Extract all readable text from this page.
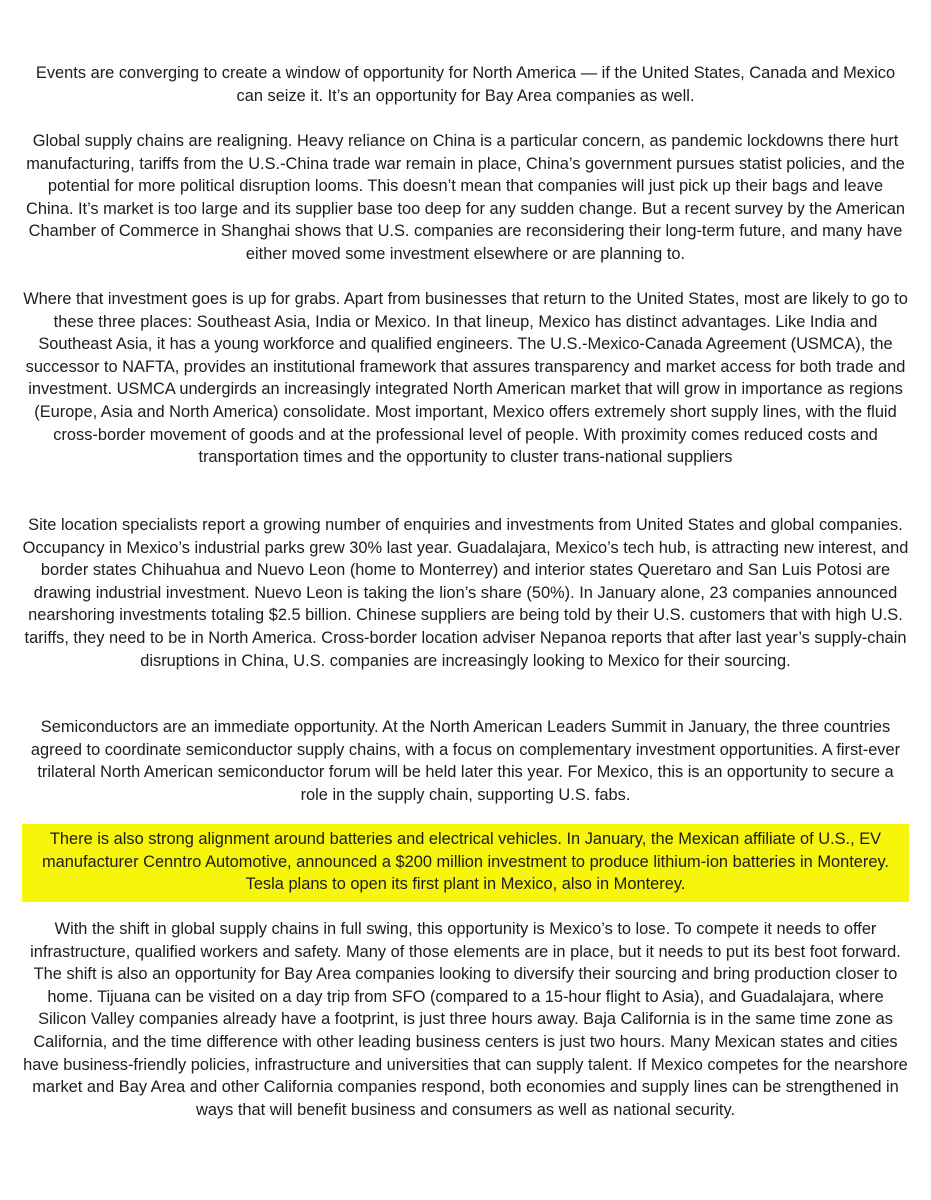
Events are converging to create a window of opportunity for North America — if the United States, Canada and Mexico can seize it. It’s an opportunity for Bay Area companies as well.

Global supply chains are realigning. Heavy reliance on China is a particular concern, as pandemic lockdowns there hurt manufacturing, tariffs from the U.S.-China trade war remain in place, China’s government pursues statist policies, and the potential for more political disruption looms. This doesn’t mean that companies will just pick up their bags and leave China. It’s market is too large and its supplier base too deep for any sudden change. But a recent survey by the American Chamber of Commerce in Shanghai shows that U.S. companies are reconsidering their long-term future, and many have either moved some investment elsewhere or are planning to.

Where that investment goes is up for grabs. Apart from businesses that return to the United States, most are likely to go to these three places: Southeast Asia, India or Mexico. In that lineup, Mexico has distinct advantages. Like India and Southeast Asia, it has a young workforce and qualified engineers. The U.S.-Mexico-Canada Agreement (USMCA), the successor to NAFTA, provides an institutional framework that assures transparency and market access for both trade and investment. USMCA undergirds an increasingly integrated North American market that will grow in importance as regions (Europe, Asia and North America) consolidate. Most important, Mexico offers extremely short supply lines, with the fluid cross-border movement of goods and at the professional level of people. With proximity comes reduced costs and transportation times and the opportunity to cluster trans-national suppliers

Site location specialists report a growing number of enquiries and investments from United States and global companies. Occupancy in Mexico’s industrial parks grew 30% last year. Guadalajara, Mexico’s tech hub, is attracting new interest, and border states Chihuahua and Nuevo Leon (home to Monterrey) and interior states Queretaro and San Luis Potosi are drawing industrial investment. Nuevo Leon is taking the lion’s share (50%). In January alone, 23 companies announced nearshoring investments totaling $2.5 billion. Chinese suppliers are being told by their U.S. customers that with high U.S. tariffs, they need to be in North America. Cross-border location adviser Nepanoa reports that after last year’s supply-chain disruptions in China, U.S. companies are increasingly looking to Mexico for their sourcing.

Semiconductors are an immediate opportunity. At the North American Leaders Summit in January, the three countries agreed to coordinate semiconductor supply chains, with a focus on complementary investment opportunities. A first-ever trilateral North American semiconductor forum will be held later this year. For Mexico, this is an opportunity to secure a role in the supply chain, supporting U.S. fabs.

There is also strong alignment around batteries and electrical vehicles. In January, the Mexican affiliate of U.S., EV manufacturer Cenntro Automotive, announced a $200 million investment to produce lithium-ion batteries in Monterey. Tesla plans to open its first plant in Mexico, also in Monterey.

With the shift in global supply chains in full swing, this opportunity is Mexico’s to lose. To compete it needs to offer infrastructure, qualified workers and safety. Many of those elements are in place, but it needs to put its best foot forward. The shift is also an opportunity for Bay Area companies looking to diversify their sourcing and bring production closer to home. Tijuana can be visited on a day trip from SFO (compared to a 15-hour flight to Asia), and Guadalajara, where Silicon Valley companies already have a footprint, is just three hours away. Baja California is in the same time zone as California, and the time difference with other leading business centers is just two hours. Many Mexican states and cities have business-friendly policies, infrastructure and universities that can supply talent. If Mexico competes for the nearshore market and Bay Area and other California companies respond, both economies and supply lines can be strengthened in ways that will benefit business and consumers as well as national security.
